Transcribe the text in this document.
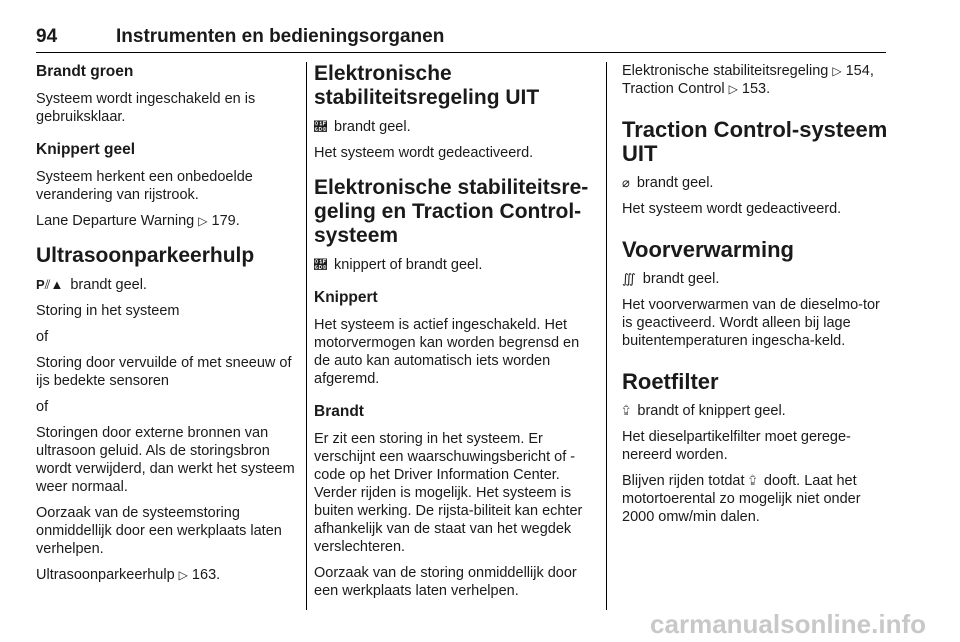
94	Instrumenten en bedieningsorganen
Brandt groen
Systeem wordt ingeschakeld en is gebruiksklaar.
Knippert geel
Systeem herkent een onbedoelde verandering van rijstrook.
Lane Departure Warning ▷ 179.
Ultrasoonparkeerhulp
P⫽▲ brandt geel.
Storing in het systeem
of
Storing door vervuilde of met sneeuw of ijs bedekte sensoren
of
Storingen door externe bronnen van ultrasoon geluid. Als de storingsbron wordt verwijderd, dan werkt het systeem weer normaal.
Oorzaak van de systeemstoring onmiddellijk door een werkplaats laten verhelpen.
Ultrasoonparkeerhulp ▷ 163.
Elektronische stabiliteitsregeling UIT
🛘 brandt geel.
Het systeem wordt gedeactiveerd.
Elektronische stabiliteitsre-geling en Traction Control-systeem
🛘 knippert of brandt geel.
Knippert
Het systeem is actief ingeschakeld. Het motorvermogen kan worden begrensd en de auto kan automatisch iets worden afgeremd.
Brandt
Er zit een storing in het systeem. Er verschijnt een waarschuwingsbericht of -code op het Driver Information Center. Verder rijden is mogelijk. Het systeem is buiten werking. De rijsta-biliteit kan echter afhankelijk van de staat van het wegdek verslechteren.
Oorzaak van de storing onmiddellijk door een werkplaats laten verhelpen.
Elektronische stabiliteitsregeling ▷ 154, Traction Control ▷ 153.
Traction Control-systeem UIT
⌀ brandt geel.
Het systeem wordt gedeactiveerd.
Voorverwarming
∭ brandt geel.
Het voorverwarmen van de dieselmo-tor is geactiveerd. Wordt alleen bij lage buitentemperaturen ingescha-keld.
Roetfilter
⮸ brandt of knippert geel.
Het dieselpartikelfilter moet gerege-nereerd worden.
Blijven rijden totdat ⮸ dooft. Laat het motortoerental zo mogelijk niet onder 2000 omw/min dalen.
carmanualsonline.info
